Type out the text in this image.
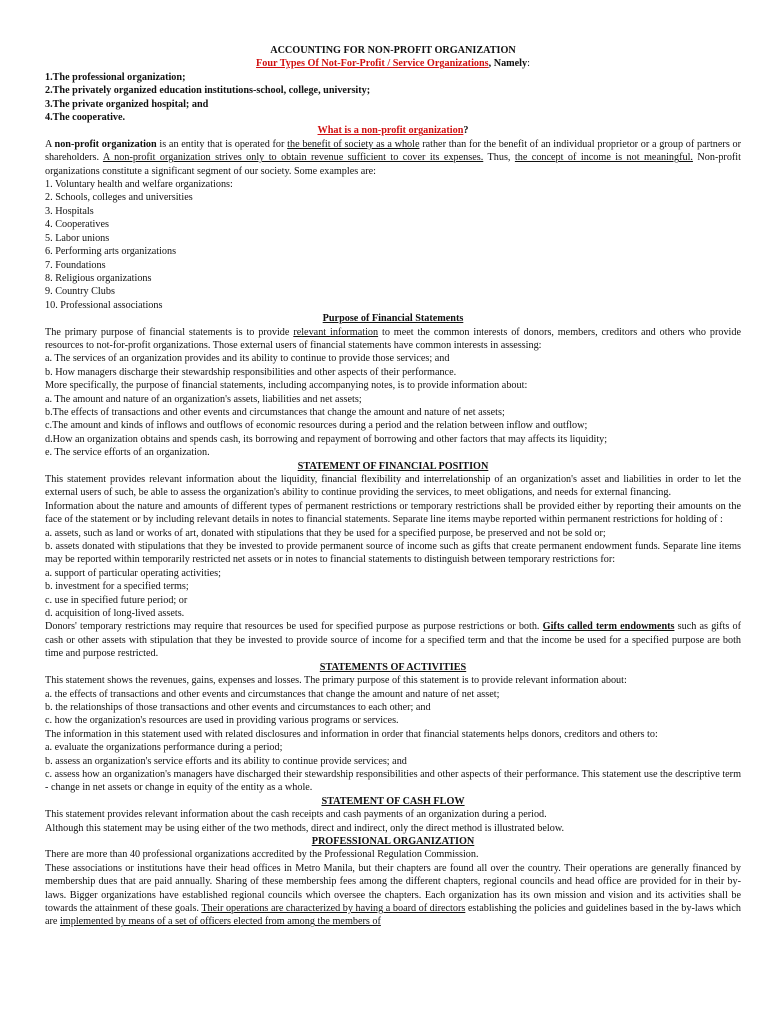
ACCOUNTING FOR NON-PROFIT ORGANIZATION
Four Types Of Not-For-Profit / Service Organizations, Namely:
1.The professional organization;
2.The privately organized education institutions-school, college, university;
3.The private organized hospital; and
4.The cooperative.
What is a non-profit organization?
A non-profit organization is an entity that is operated for the benefit of society as a whole rather than for the benefit of an individual proprietor or a group of partners or shareholders. A non-profit organization strives only to obtain revenue sufficient to cover its expenses. Thus, the concept of income is not meaningful. Non-profit organizations constitute a significant segment of our society. Some examples are:
1. Voluntary health and welfare organizations:
2. Schools, colleges and universities
3. Hospitals
4. Cooperatives
5. Labor unions
6. Performing arts organizations
7. Foundations
8. Religious organizations
9. Country Clubs
10. Professional associations
Purpose of Financial Statements
The primary purpose of financial statements is to provide relevant information to meet the common interests of donors, members, creditors and others who provide resources to not-for-profit organizations. Those external users of financial statements have common interests in assessing:
a. The services of an organization provides and its ability to continue to provide those services; and
b. How managers discharge their stewardship responsibilities and other aspects of their performance.
More specifically, the purpose of financial statements, including accompanying notes, is to provide information about:
a. The amount and nature of an organization's assets, liabilities and net assets;
b.The effects of transactions and other events and circumstances that change the amount and nature of net assets;
c.The amount and kinds of inflows and outflows of economic resources during a period and the relation between inflow and outflow;
d.How an organization obtains and spends cash, its borrowing and repayment of borrowing and other factors that may affects its liquidity;
e. The service efforts of an organization.
STATEMENT OF FINANCIAL POSITION
This statement provides relevant information about the liquidity, financial flexibility and interrelationship of an organization's asset and liabilities in order to let the external users of such, be able to assess the organization's ability to continue providing the services, to meet obligations, and needs for external financing.
Information about the nature and amounts of different types of permanent restrictions or temporary restrictions shall be provided either by reporting their amounts on the face of the statement or by including relevant details in notes to financial statements. Separate line items maybe reported within permanent restrictions for holding of :
a. assets, such as land or works of art, donated with stipulations that they be used for a specified purpose, be preserved and not be sold or;
b. assets donated with stipulations that they be invested to provide permanent source of income such as gifts that create permanent endowment funds. Separate line items may be reported within temporarily restricted net assets or in notes to financial statements to distinguish between temporary restrictions for:
a. support of particular operating activities;
b. investment for a specified terms;
c. use in specified future period; or
d. acquisition of long-lived assets.
Donors' temporary restrictions may require that resources be used for specified purpose as purpose restrictions or both. Gifts called term endowments such as gifts of cash or other assets with stipulation that they be invested to provide source of income for a specified term and that the income be used for a specified purpose are both time and purpose restricted.
STATEMENTS OF ACTIVITIES
This statement shows the revenues, gains, expenses and losses. The primary purpose of this statement is to provide relevant information about:
a. the effects of transactions and other events and circumstances that change the amount and nature of net asset;
b. the relationships of those transactions and other events and circumstances to each other; and
c. how the organization's resources are used in providing various programs or services.
The information in this statement used with related disclosures and information in order that financial statements helps donors, creditors and others to:
a. evaluate the organizations performance during a period;
b. assess an organization's service efforts and its ability to continue provide services; and
c. assess how an organization's managers have discharged their stewardship responsibilities and other aspects of their performance. This statement use the descriptive term - change in net assets or change in equity of the entity as a whole.
STATEMENT OF CASH FLOW
This statement provides relevant information about the cash receipts and cash payments of an organization during a period.
Although this statement may be using either of the two methods, direct and indirect, only the direct method is illustrated below.
PROFESSIONAL ORGANIZATION
There are more than 40 professional organizations accredited by the Professional Regulation Commission.
These associations or institutions have their head offices in Metro Manila, but their chapters are found all over the country. Their operations are generally financed by membership dues that are paid annually. Sharing of these membership fees among the different chapters, regional councils and head office are provided for in their by-laws. Bigger organizations have established regional councils which oversee the chapters. Each organization has its own mission and vision and its activities shall be towards the attainment of these goals. Their operations are characterized by having a board of directors establishing the policies and guidelines based in the by-laws which are implemented by means of a set of officers elected from among the members of
